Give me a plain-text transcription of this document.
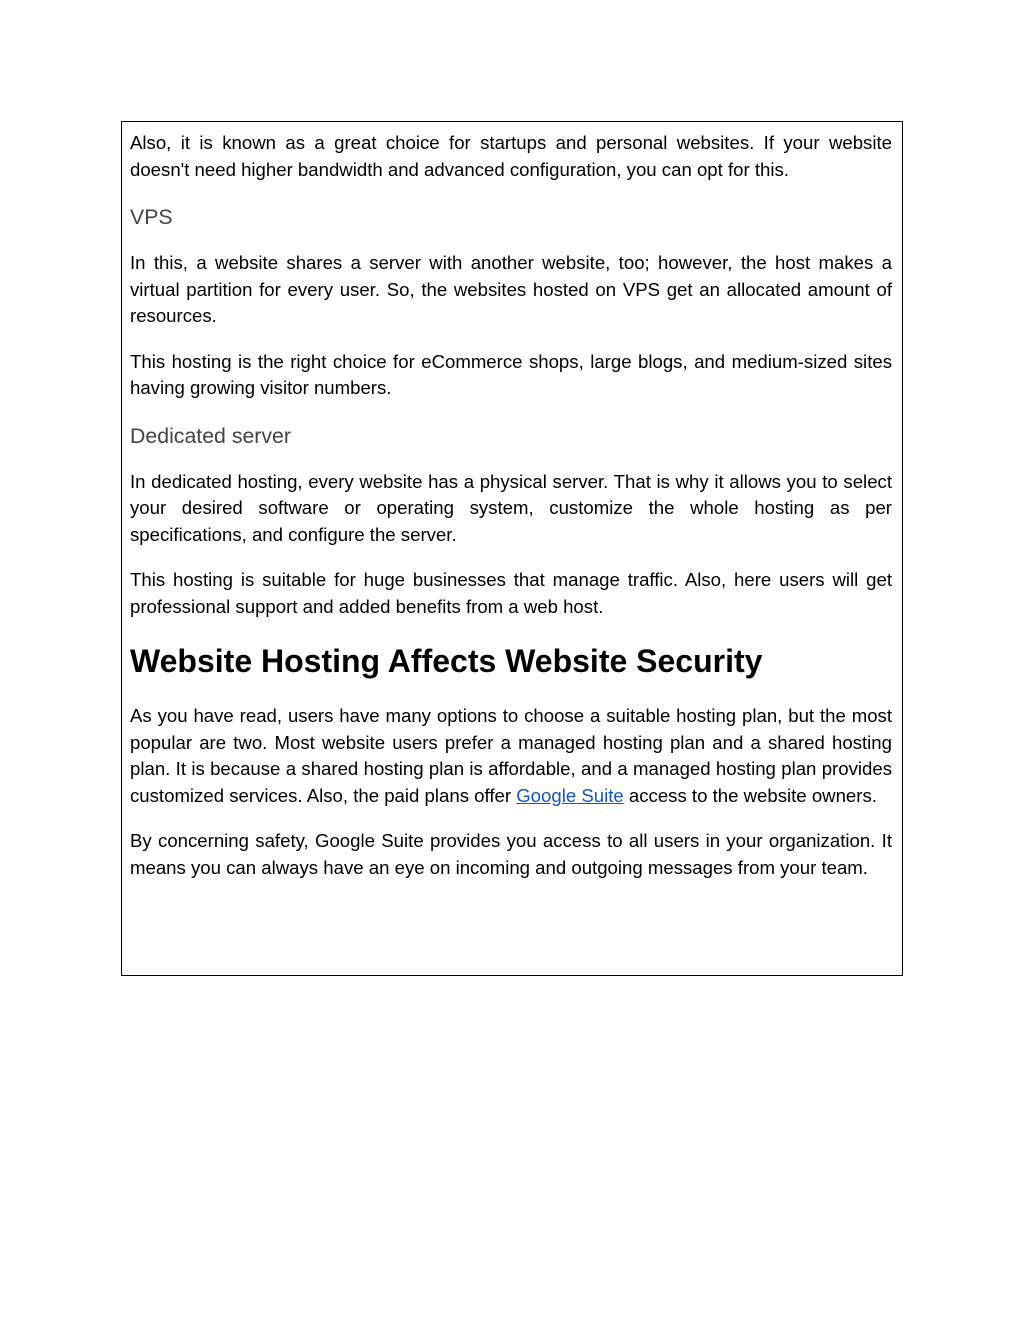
Also, it is known as a great choice for startups and personal websites. If your website doesn't need higher bandwidth and advanced configuration, you can opt for this.

VPS

In this, a website shares a server with another website, too; however, the host makes a virtual partition for every user. So, the websites hosted on VPS get an allocated amount of resources.

This hosting is the right choice for eCommerce shops, large blogs, and medium-sized sites having growing visitor numbers.

Dedicated server

In dedicated hosting, every website has a physical server. That is why it allows you to select your desired software or operating system, customize the whole hosting as per specifications, and configure the server.

This hosting is suitable for huge businesses that manage traffic. Also, here users will get professional support and added benefits from a web host.

Website Hosting Affects Website Security

As you have read, users have many options to choose a suitable hosting plan, but the most popular are two. Most website users prefer a managed hosting plan and a shared hosting plan. It is because a shared hosting plan is affordable, and a managed hosting plan provides customized services. Also, the paid plans offer Google Suite access to the website owners.

By concerning safety, Google Suite provides you access to all users in your organization. It means you can always have an eye on incoming and outgoing messages from your team.
